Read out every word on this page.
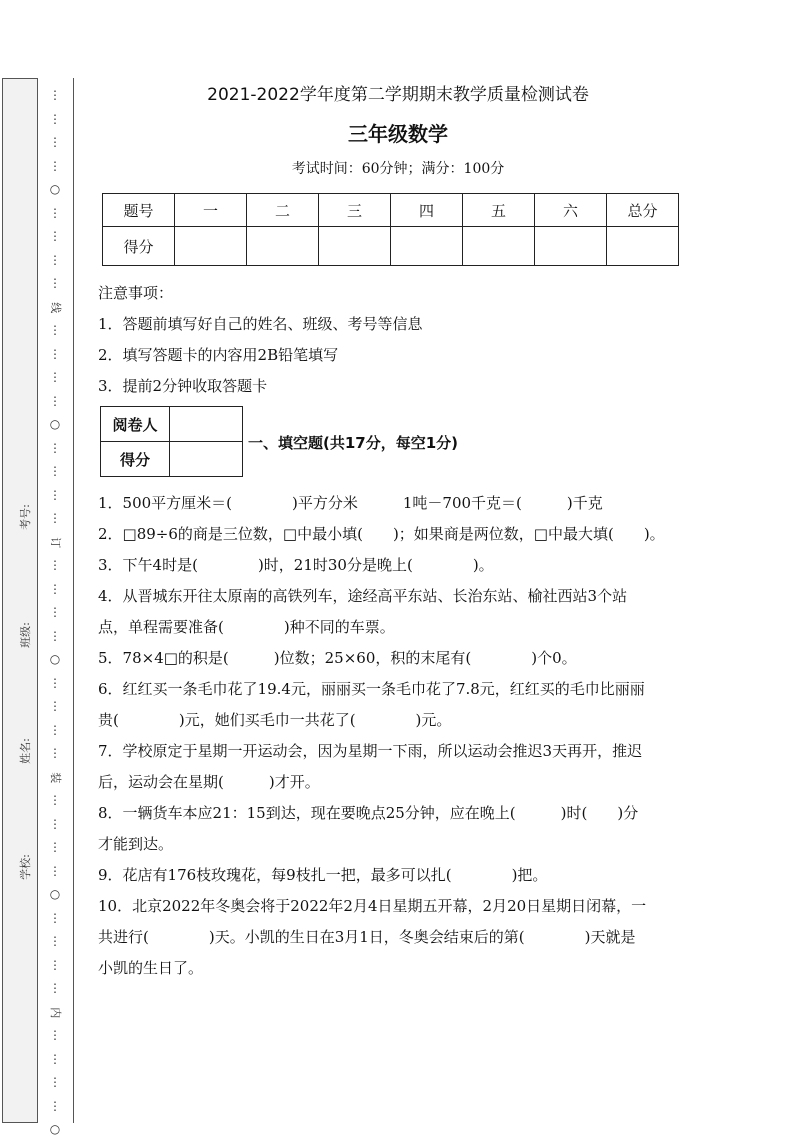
考号:
班级:
姓名:
学校:
⋮
⋮
⋮
⋮
○
⋮
⋮
⋮
⋮
线
⋮
⋮
⋮
⋮
○
⋮
⋮
⋮
⋮
订
⋮
⋮
⋮
⋮
○
⋮
⋮
⋮
⋮
装
⋮
⋮
⋮
⋮
○
⋮
⋮
⋮
⋮
内
⋮
⋮
⋮
⋮
○
2021-2022学年度第二学期期末教学质量检测试卷
三年级数学
考试时间：60分钟；满分：100分
题号	一	二	三	四	五	六	总分
得分							
注意事项：
1．答题前填写好自己的姓名、班级、考号等信息
2．填写答题卡的内容用2B铅笔填写
3．提前2分钟收取答题卡
阅卷人	
得分	
一、填空题(共17分，每空1分)
1．500平方厘米＝(　　　　)平方分米　　　1吨－700千克＝(　　　)千克
2．□89÷6的商是三位数，□中最小填(　　)；如果商是两位数，□中最大填(　　)。
3．下午4时是(　　　　)时，21时30分是晚上(　　　　)。
4．从晋城东开往太原南的高铁列车，途经高平东站、长治东站、榆社西站3个站
点，单程需要准备(　　　　)种不同的车票。
5．78×4□的积是(　　　)位数；25×60，积的末尾有(　　　　)个0。
6．红红买一条毛巾花了19.4元，丽丽买一条毛巾花了7.8元，红红买的毛巾比丽丽
贵(　　　　)元，她们买毛巾一共花了(　　　　)元。
7．学校原定于星期一开运动会，因为星期一下雨，所以运动会推迟3天再开，推迟
后，运动会在星期(　　　)才开。
8．一辆货车本应21：15到达，现在要晚点25分钟，应在晚上(　　　)时(　　)分
才能到达。
9．花店有176枝玫瑰花，每9枝扎一把，最多可以扎(　　　　)把。
10．北京2022年冬奥会将于2022年2月4日星期五开幕，2月20日星期日闭幕，一
共进行(　　　　)天。小凯的生日在3月1日，冬奥会结束后的第(　　　　)天就是
小凯的生日了。
